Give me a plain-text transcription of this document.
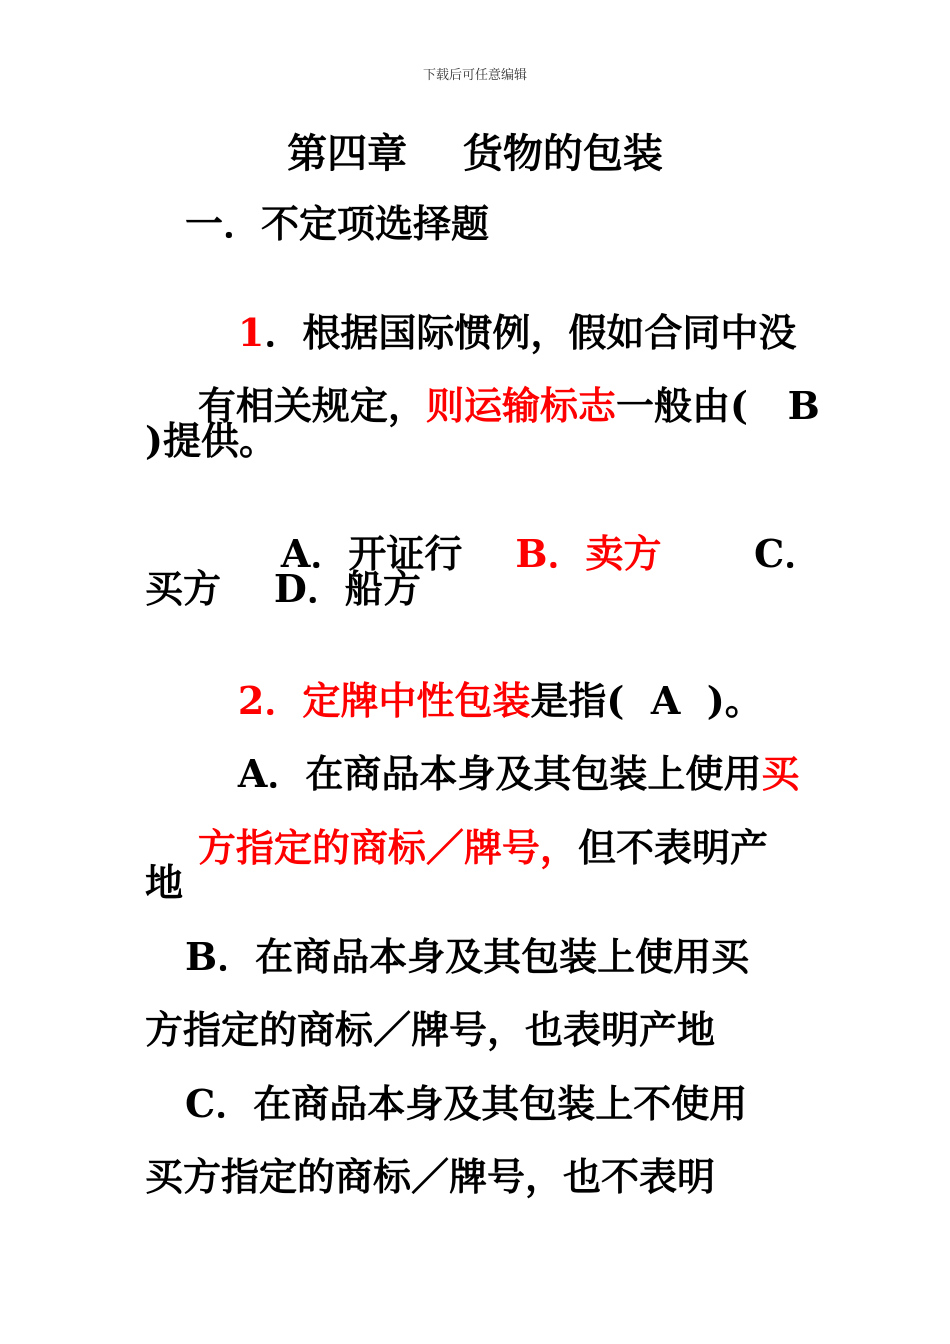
下载后可任意编辑
第四章    货物的包装
一．不定项选择题

1．根据国际惯例，假如合同中没

有相关规定，则运输标志一般由(   B

)提供。

A．开证行    B．卖方       C．

买方    D．船方

2．定牌中性包装是指(  A  )。

A．在商品本身及其包装上使用买

方指定的商标／牌号，但不表明产

地
B．在商品本身及其包装上使用买
方指定的商标／牌号，也表明产地
C．在商品本身及其包装上不使用
买方指定的商标／牌号，也不表明
